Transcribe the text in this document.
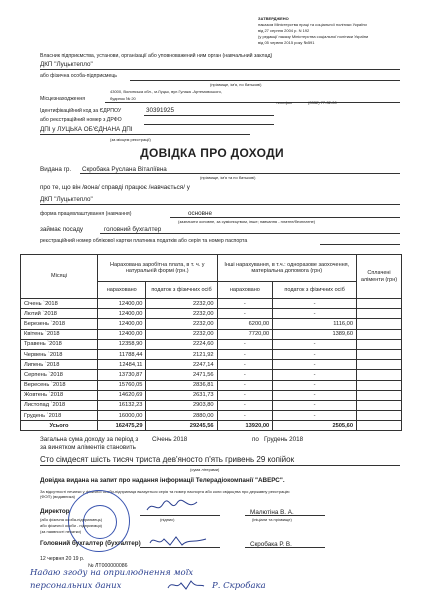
ЗАТВЕРДЖЕНО
наказом Міністерства праці та соціальної політики України
від 27 серпня 2004 р. N 192
(у редакції наказу Міністерства соціальної політики України
від 05 червня 2015 року №591
Власник підприємства, установи, організації або уповноважений ним орган (навчальний заклад)
ДКП "Луцьктепло"
або фізична особа-підприємець
(прізвище, ім'я, по батькові)
43000, Волинська обл., м.Луцьк, вул.Гулака -Артемовського,
Місцезнаходження	будинок № 20
телефон	(0332) 77-32-00
Ідентифікаційний код за ЄДРПОУ	30391925
або реєстраційний номер з ДРФО
ДПІ у ЛУЦЬКА ОБ'ЄДНАНА ДПІ
(за місцем реєстрації)
ДОВІДКА ПРО ДОХОДИ
Видана гр. Скробака Руслана Віталіївна
(прізвище, ім'я та по батькові)
про те, що він /вона/ справді працює /навчається/ у
ДКП "Луцьктепло"
форма працевлаштування (навчання)	основне
(зазначити основне, за сумісництвом, інше; навчання - платне/безплатне)
займає посаду	головний бухгалтер
реєстраційний номер облікової картки платника податків або серія та номер паспорта
Місяці	Нарахована заробітна плата, в т. ч. у натуральній формі (грн.)		Інші нарахування, в т.ч.: одноразове заохочення, матеріальна допомога (грн)		Сплачені аліменти (грн)
	нараховано	податок з фізичних осіб	нараховано	податок з фізичних осіб	
Січень `2018	12400,00	2232,00	-	-	
Лютий `2018	12400,00	2232,00	-	-	
Березень `2018	12400,00	2232,00	6200,00	1116,00	
Квітень `2018	12400,00	2232,00	7720,00	1389,60	
Травень `2018	12358,90	2224,60	-	-	
Червень `2018	11788,44	2121,92	-	-	
Липень `2018	12484,11	2247,14	-	-	
Серпень `2018	13730,87	2471,56	-	-	
Вересень `2018	15760,05	2836,81	-	-	
Жовтень `2018	14620,69	2631,73	-	-	
Листопад `2018	16132,23	2903,80	-	-	
Грудень `2018	16000,00	2880,00	-	-	
Усього	162475,29	29245,56	13920,00	2505,60	
Загальна сума доходу за період з Січень 2018	по Грудень 2018
за винятком аліментів становить
Сто сімдесят шість тисяч триста дев'яносто п'ять гривень 29 копійок
(сума літерами)
Довідка видана на запит про надання інформації Телерадіокомпанії "АВЕРС".
За відсутності печатки у фізичної особи-підприємця вказується серія та номер паспорта або коли свідоцтва про державну реєстрацію
(ФОП) (видавника)
Директор	Малютіна В. А.
(або фізична особа-підприємець)	(підпис)	(ініціали та прізвище)
або фізичної особи - підприємця)
(за наявності печатки)
Головний бухгалтер (бухгалтер)	Скробака Р. В.
12 червня 20 19 р.
№ ЛТ000000086
Надаю згоду на оприлюднення моїх
персональних даних	Р. Скробака
